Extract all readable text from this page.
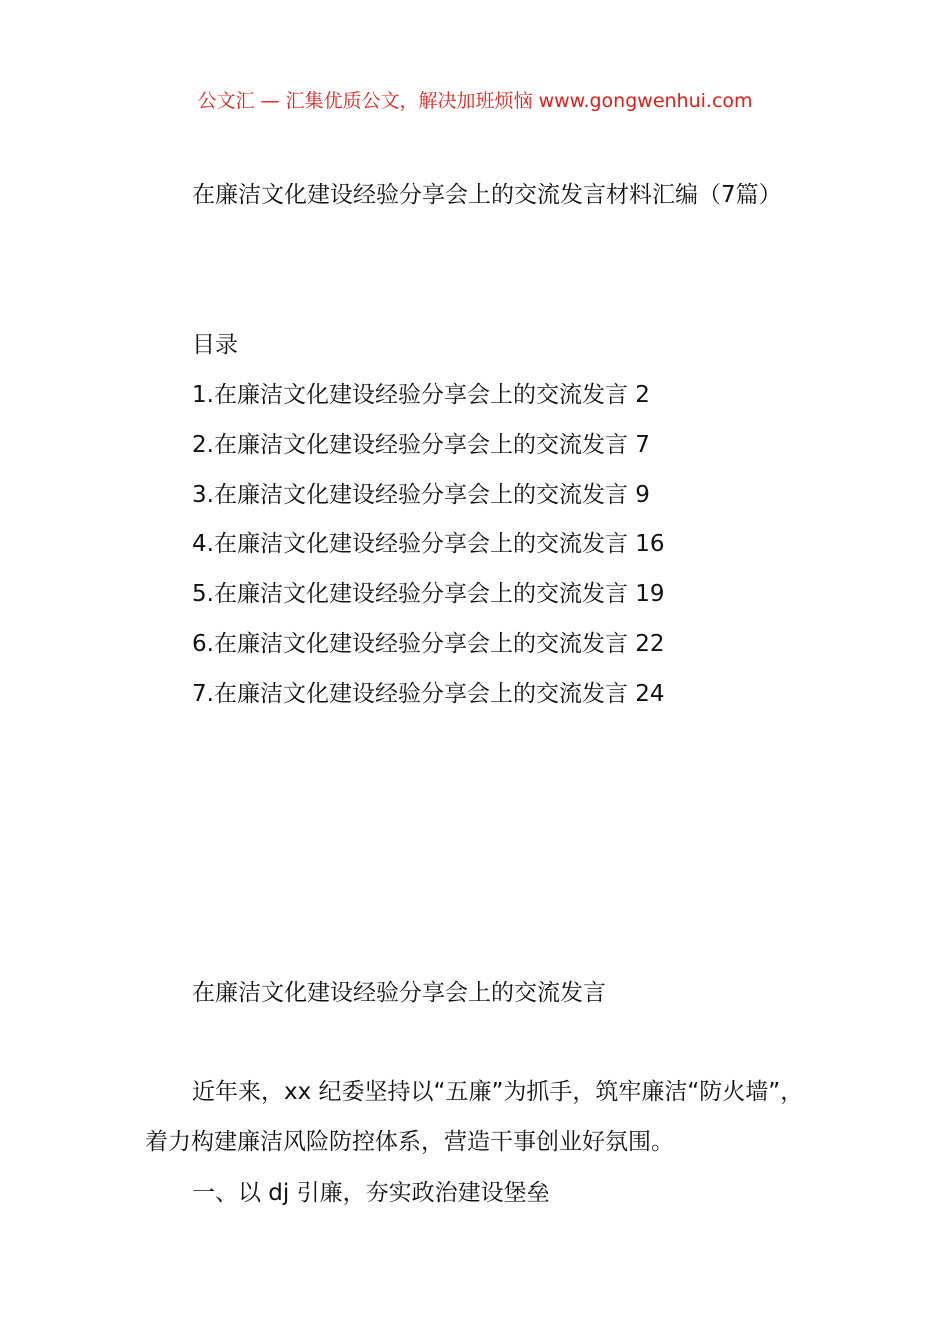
公文汇 — 汇集优质公文，解决加班烦恼 www.gongwenhui.com
在廉洁文化建设经验分享会上的交流发言材料汇编（7篇）
目录
1.在廉洁文化建设经验分享会上的交流发言 2
2.在廉洁文化建设经验分享会上的交流发言 7
3.在廉洁文化建设经验分享会上的交流发言 9
4.在廉洁文化建设经验分享会上的交流发言 16
5.在廉洁文化建设经验分享会上的交流发言 19
6.在廉洁文化建设经验分享会上的交流发言 22
7.在廉洁文化建设经验分享会上的交流发言 24
在廉洁文化建设经验分享会上的交流发言
近年来，xx 纪委坚持以“五廉”为抓手，筑牢廉洁“防火墙”，着力构建廉洁风险防控体系，营造干事创业好氛围。
一、以 dj 引廉，夯实政治建设堡垒
